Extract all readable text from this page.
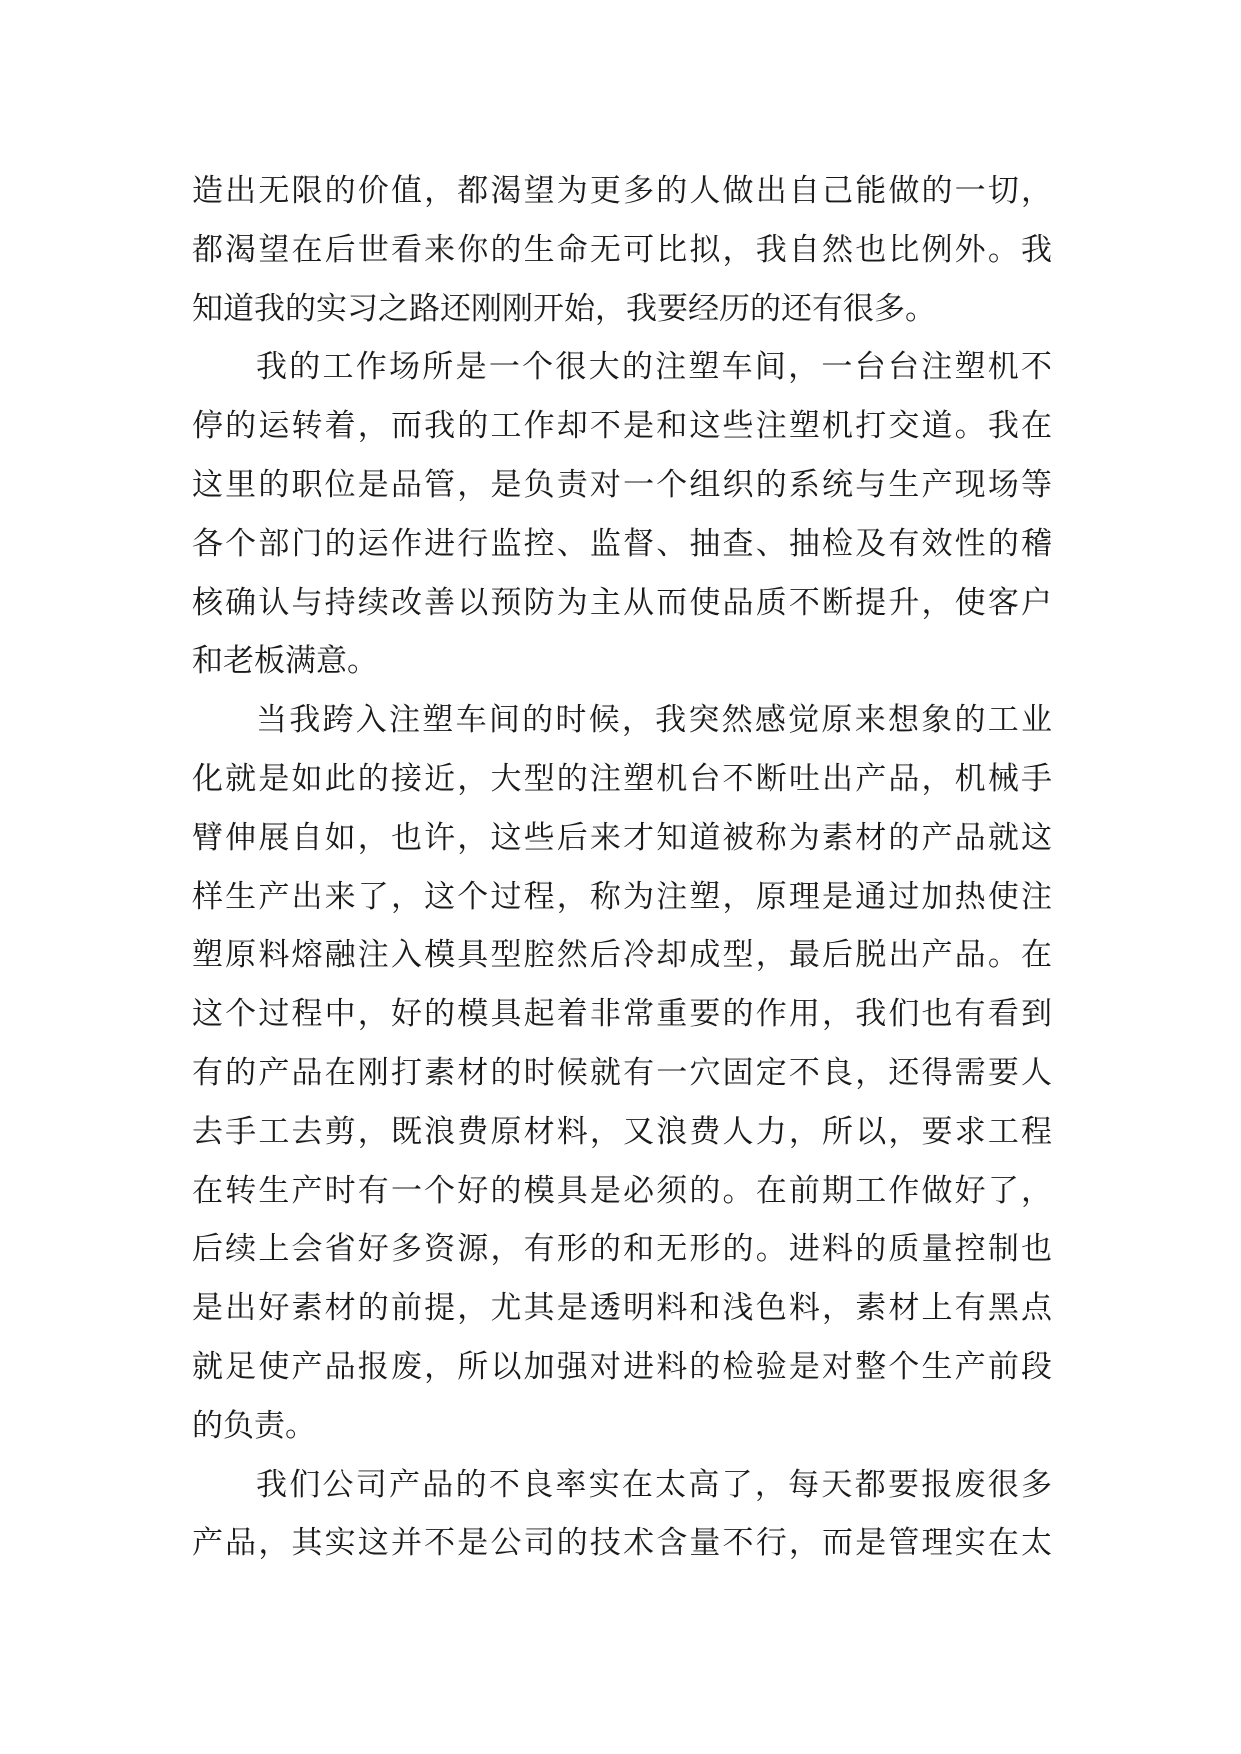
造出无限的价值，都渴望为更多的人做出自己能做的一切，
都渴望在后世看来你的生命无可比拟，我自然也比例外。我
知道我的实习之路还刚刚开始，我要经历的还有很多。
我的工作场所是一个很大的注塑车间，一台台注塑机不
停的运转着，而我的工作却不是和这些注塑机打交道。我在
这里的职位是品管，是负责对一个组织的系统与生产现场等
各个部门的运作进行监控、监督、抽查、抽检及有效性的稽
核确认与持续改善以预防为主从而使品质不断提升，使客户
和老板满意。
当我跨入注塑车间的时候，我突然感觉原来想象的工业
化就是如此的接近，大型的注塑机台不断吐出产品，机械手
臂伸展自如，也许，这些后来才知道被称为素材的产品就这
样生产出来了，这个过程，称为注塑，原理是通过加热使注
塑原料熔融注入模具型腔然后冷却成型，最后脱出产品。在
这个过程中，好的模具起着非常重要的作用，我们也有看到
有的产品在刚打素材的时候就有一穴固定不良，还得需要人
去手工去剪，既浪费原材料，又浪费人力，所以，要求工程
在转生产时有一个好的模具是必须的。在前期工作做好了，
后续上会省好多资源，有形的和无形的。进料的质量控制也
是出好素材的前提，尤其是透明料和浅色料，素材上有黑点
就足使产品报废，所以加强对进料的检验是对整个生产前段
的负责。
我们公司产品的不良率实在太高了，每天都要报废很多
产品，其实这并不是公司的技术含量不行，而是管理实在太
